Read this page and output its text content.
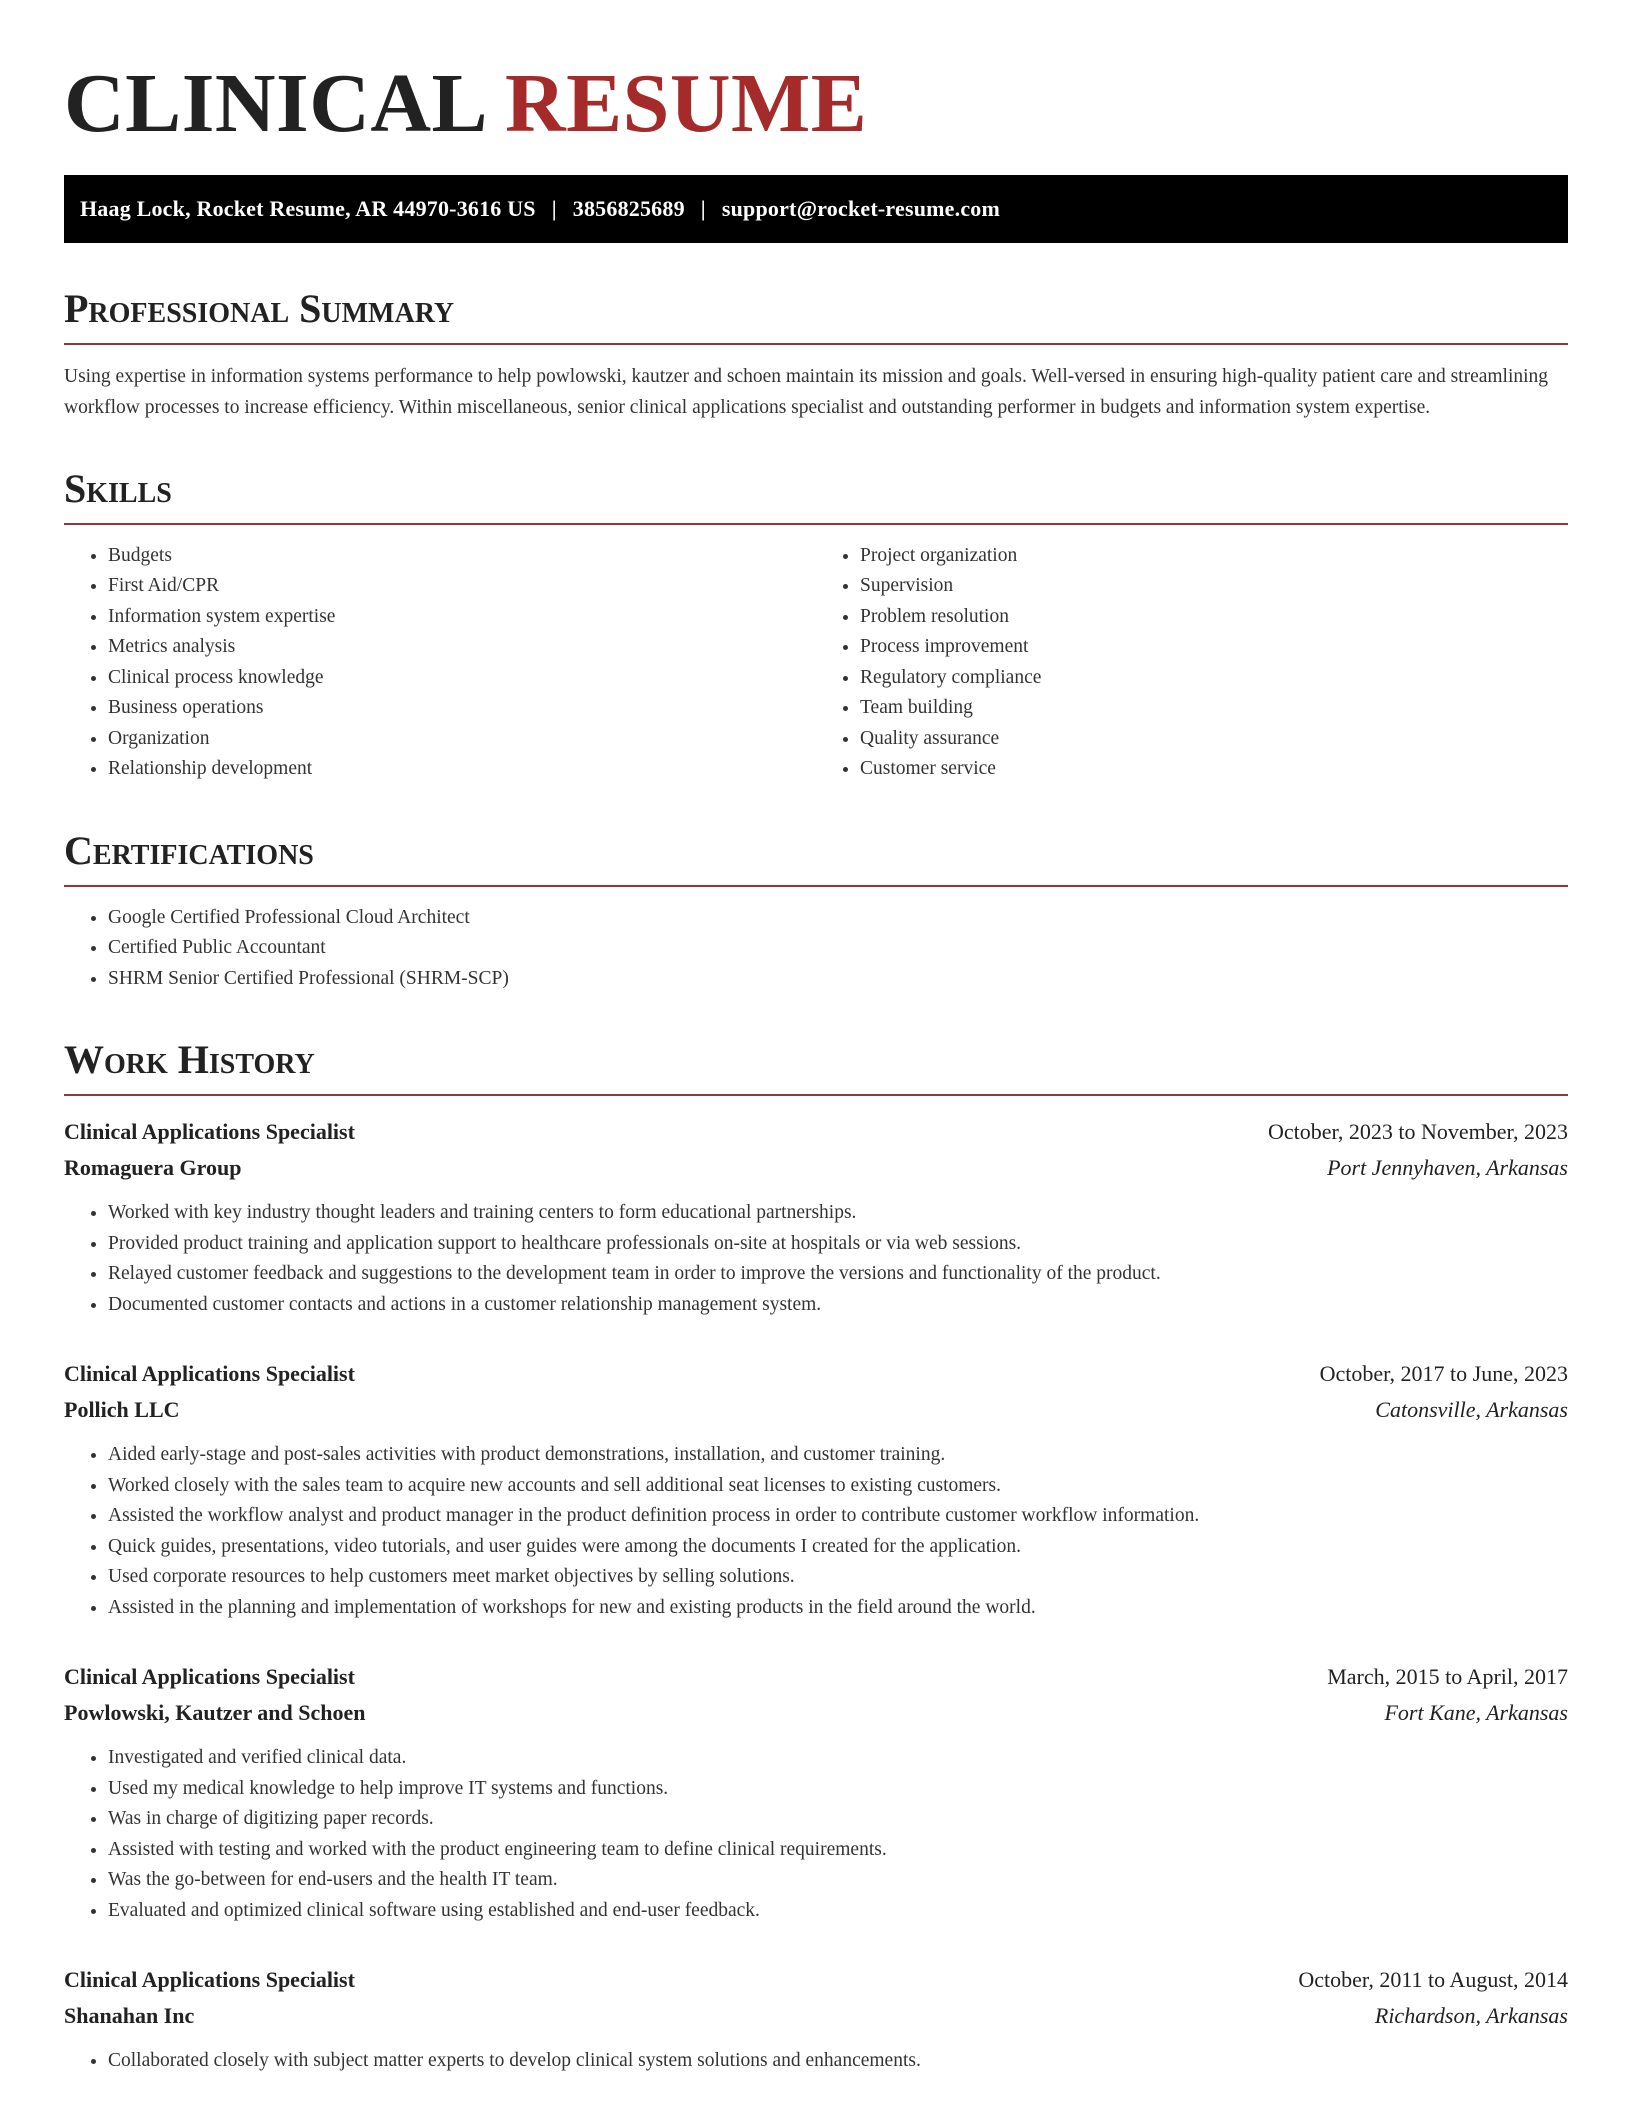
CLINICAL RESUME
Haag Lock, Rocket Resume, AR 44970-3616 US | 3856825689 | support@rocket-resume.com
Professional Summary

Using expertise in information systems performance to help powlowski, kautzer and schoen maintain its mission and goals. Well-versed in ensuring high-quality patient care and streamlining workflow processes to increase efficiency. Within miscellaneous, senior clinical applications specialist and outstanding performer in budgets and information system expertise.

Skills
• Budgets
• First Aid/CPR
• Information system expertise
• Metrics analysis
• Clinical process knowledge
• Business operations
• Organization
• Relationship development
• Project organization
• Supervision
• Problem resolution
• Process improvement
• Regulatory compliance
• Team building
• Quality assurance
• Customer service
Certifications
• Google Certified Professional Cloud Architect
• Certified Public Accountant
• SHRM Senior Certified Professional (SHRM-SCP)
Work History
Clinical Applications Specialist	October, 2023 to November, 2023
Romaguera Group	Port Jennyhaven, Arkansas
• Worked with key industry thought leaders and training centers to form educational partnerships.
• Provided product training and application support to healthcare professionals on-site at hospitals or via web sessions.
• Relayed customer feedback and suggestions to the development team in order to improve the versions and functionality of the product.
• Documented customer contacts and actions in a customer relationship management system.
Clinical Applications Specialist	October, 2017 to June, 2023
Pollich LLC	Catonsville, Arkansas
• Aided early-stage and post-sales activities with product demonstrations, installation, and customer training.
• Worked closely with the sales team to acquire new accounts and sell additional seat licenses to existing customers.
• Assisted the workflow analyst and product manager in the product definition process in order to contribute customer workflow information.
• Quick guides, presentations, video tutorials, and user guides were among the documents I created for the application.
• Used corporate resources to help customers meet market objectives by selling solutions.
• Assisted in the planning and implementation of workshops for new and existing products in the field around the world.
Clinical Applications Specialist	March, 2015 to April, 2017
Powlowski, Kautzer and Schoen	Fort Kane, Arkansas
• Investigated and verified clinical data.
• Used my medical knowledge to help improve IT systems and functions.
• Was in charge of digitizing paper records.
• Assisted with testing and worked with the product engineering team to define clinical requirements.
• Was the go-between for end-users and the health IT team.
• Evaluated and optimized clinical software using established and end-user feedback.
Clinical Applications Specialist	October, 2011 to August, 2014
Shanahan Inc	Richardson, Arkansas
• Collaborated closely with subject matter experts to develop clinical system solutions and enhancements.
